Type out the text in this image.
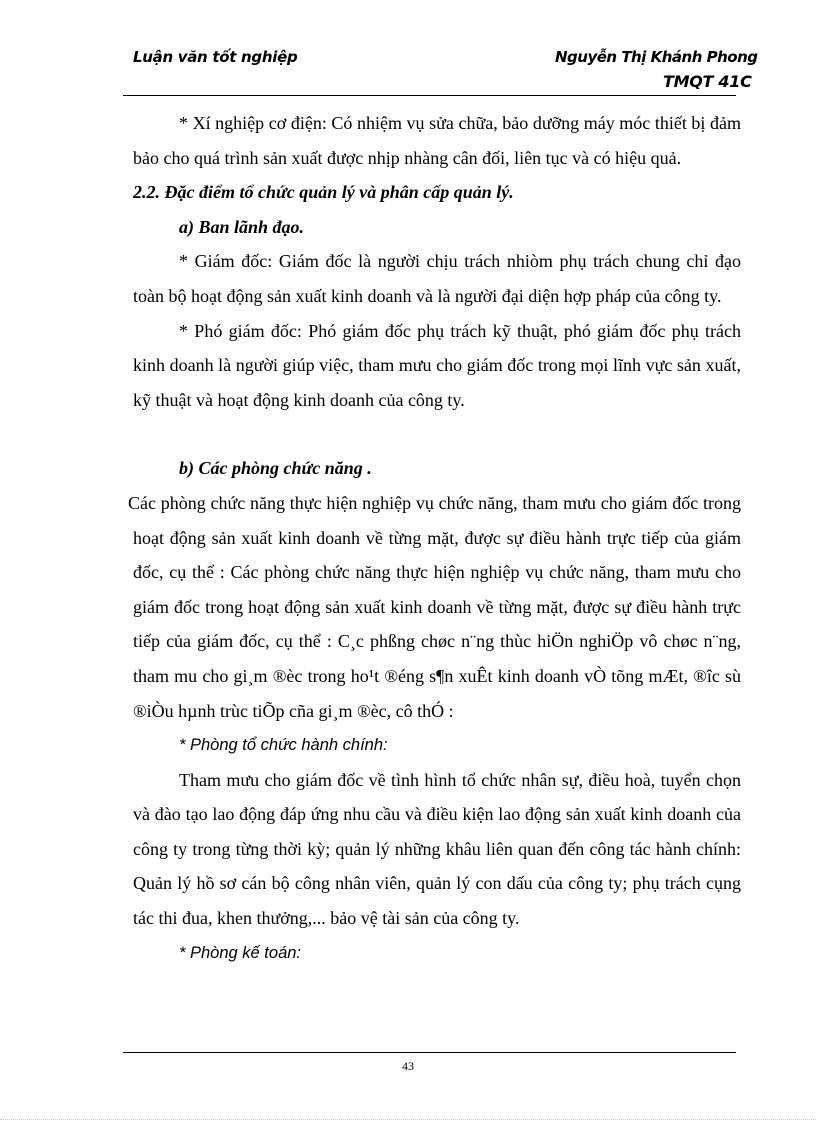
Luận văn tốt nghiệp	Nguyễn Thị Khánh Phong
TMQT 41C

* Xí nghiệp cơ điện: Có nhiệm vụ sửa chữa, bảo dưỡng máy móc thiết bị đảm bảo cho quá trình sản xuất được nhịp nhàng cân đối, liên tục và có hiệu quả.

2.2. Đặc điểm tổ chức quản lý và phân cấp quản lý.

a) Ban lãnh đạo.

* Giám đốc: Giám đốc là người chịu trách nhiòm phụ trách chung chỉ đạo toàn bộ hoạt động sản xuất kinh doanh và là người đại diện hợp pháp của công ty.

* Phó giám đốc: Phó giám đốc phụ trách kỹ thuật, phó giám đốc phụ trách kinh doanh là người giúp việc, tham mưu cho giám đốc trong mọi lĩnh vực sản xuất, kỹ thuật và hoạt động kinh doanh của công ty.

b) Các phòng chức năng .

Các phòng chức năng thực hiện nghiệp vụ chức năng, tham mưu cho giám đốc trong hoạt động sản xuất kinh doanh về từng mặt, được sự điều hành trực tiếp của giám đốc, cụ thể : Các phòng chức năng thực hiện nghiệp vụ chức năng, tham mưu cho giám đốc trong hoạt động sản xuất kinh doanh về từng mặt, được sự điều hành trực tiếp của giám đốc, cụ thể : C¸c phßng chøc n¨ng thùc hiÖn nghiÖp vô chøc n¨ng, tham mu cho gi¸m ®èc trong ho¹t ®éng s¶n xuÊt kinh doanh vÒ tõng mÆt, ®îc sù ®iÒu hµnh trùc tiÕp cña gi¸m ®èc, cô thÓ :

* Phòng tổ chức hành chính:

Tham mưu cho giám đốc về tình hình tổ chức nhân sự, điều hoà, tuyển chọn và đào tạo lao động đáp ứng nhu cầu và điều kiện lao động sản xuất kinh doanh của công ty trong từng thời kỳ; quản lý những khâu liên quan đến công tác hành chính: Quản lý hồ sơ cán bộ công nhân viên, quản lý con dấu của công ty; phụ trách cụng tác thi đua, khen thưởng,... bảo vệ tài sản của công ty.

* Phòng kế toán:

43
